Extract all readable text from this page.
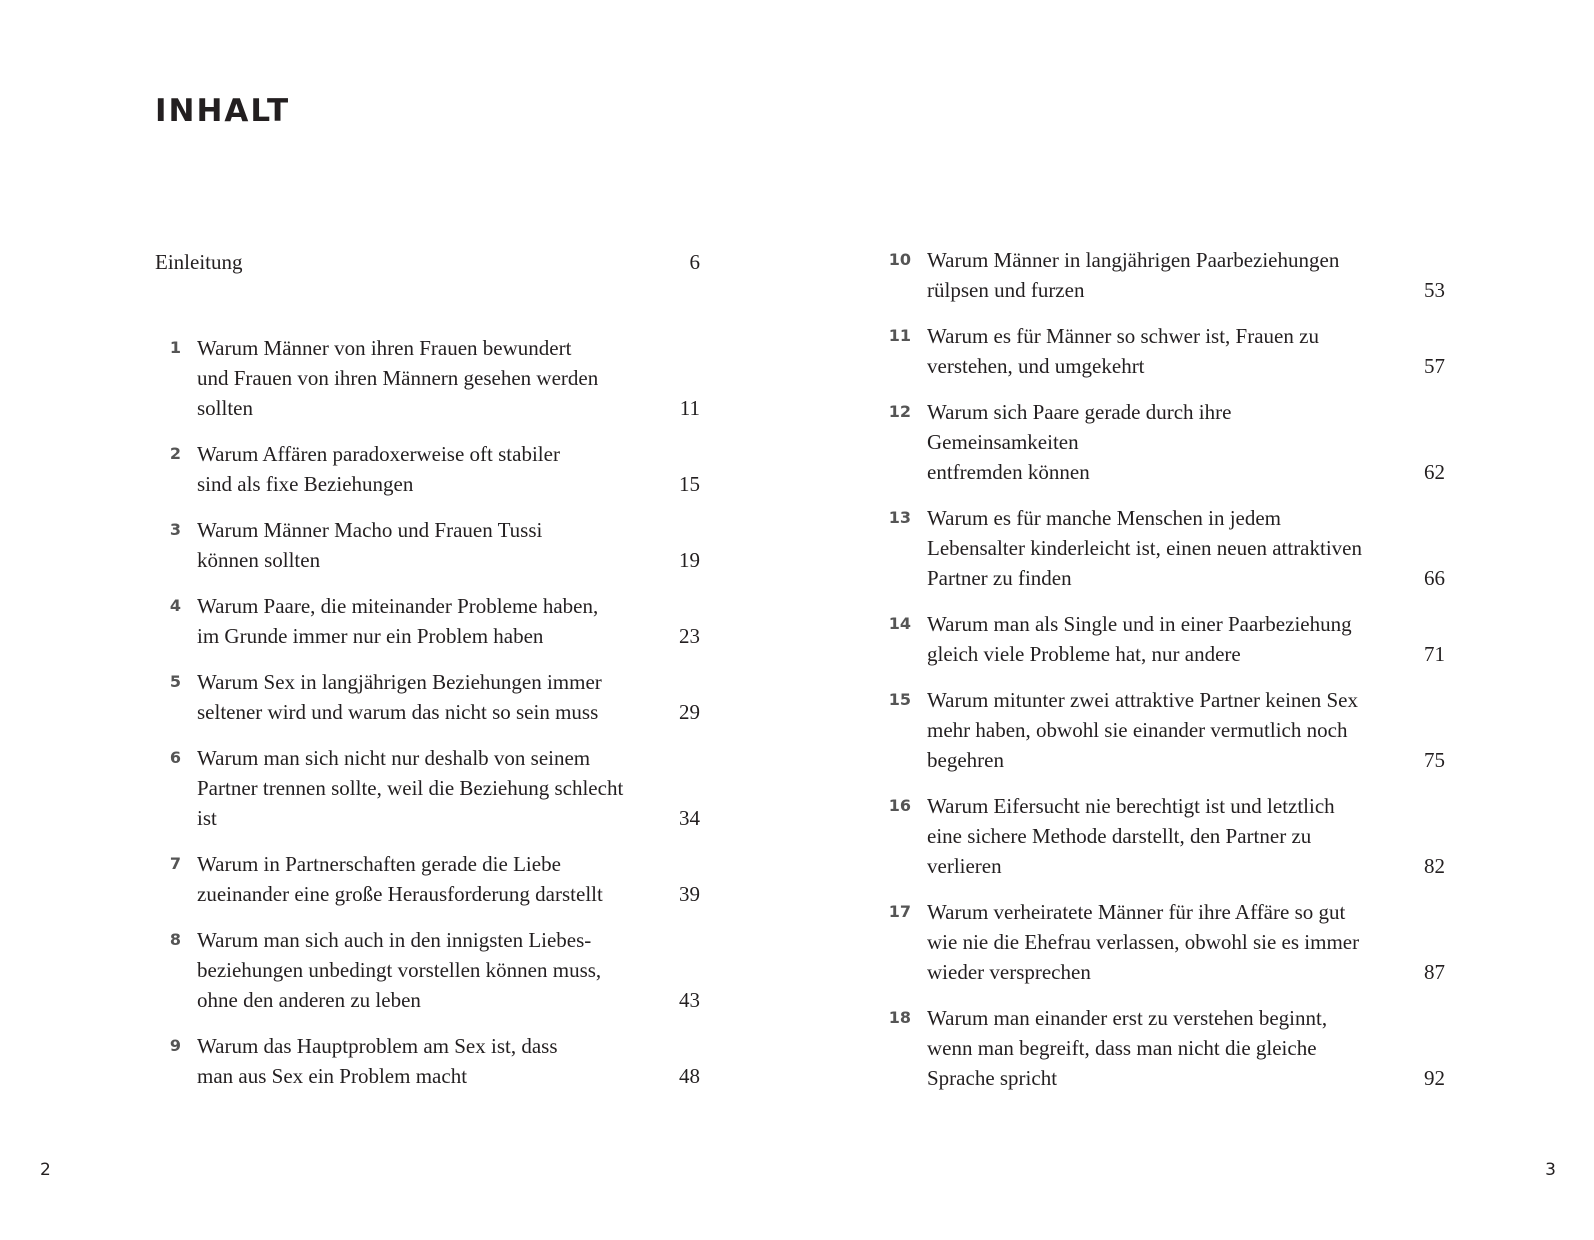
INHALT
Einleitung	6
1 Warum Männer von ihren Frauen bewundert
und Frauen von ihren Männern gesehen werden
sollten	11
2 Warum Affären paradoxerweise oft stabiler
sind als fixe Beziehungen	15
3 Warum Männer Macho und Frauen Tussi
können sollten	19
4 Warum Paare, die miteinander Probleme haben,
im Grunde immer nur ein Problem haben	23
5 Warum Sex in langjährigen Beziehungen immer
seltener wird und warum das nicht so sein muss	29
6 Warum man sich nicht nur deshalb von seinem
Partner trennen sollte, weil die Beziehung schlecht ist	34
7 Warum in Partnerschaften gerade die Liebe
zueinander eine große Herausforderung darstellt	39
8 Warum man sich auch in den innigsten Liebes-
beziehungen unbedingt vorstellen können muss,
ohne den anderen zu leben	43
9 Warum das Hauptproblem am Sex ist, dass
man aus Sex ein Problem macht	48
10 Warum Männer in langjährigen Paarbeziehungen
rülpsen und furzen	53
11 Warum es für Männer so schwer ist, Frauen zu
verstehen, und umgekehrt	57
12 Warum sich Paare gerade durch ihre Gemeinsamkeiten
entfremden können	62
13 Warum es für manche Menschen in jedem
Lebensalter kinderleicht ist, einen neuen attraktiven
Partner zu finden	66
14 Warum man als Single und in einer Paarbeziehung
gleich viele Probleme hat, nur andere	71
15 Warum mitunter zwei attraktive Partner keinen Sex
mehr haben, obwohl sie einander vermutlich noch
begehren	75
16 Warum Eifersucht nie berechtigt ist und letztlich
eine sichere Methode darstellt, den Partner zu
verlieren	82
17 Warum verheiratete Männer für ihre Affäre so gut
wie nie die Ehefrau verlassen, obwohl sie es immer
wieder versprechen	87
18 Warum man einander erst zu verstehen beginnt,
wenn man begreift, dass man nicht die gleiche
Sprache spricht	92
2	3
